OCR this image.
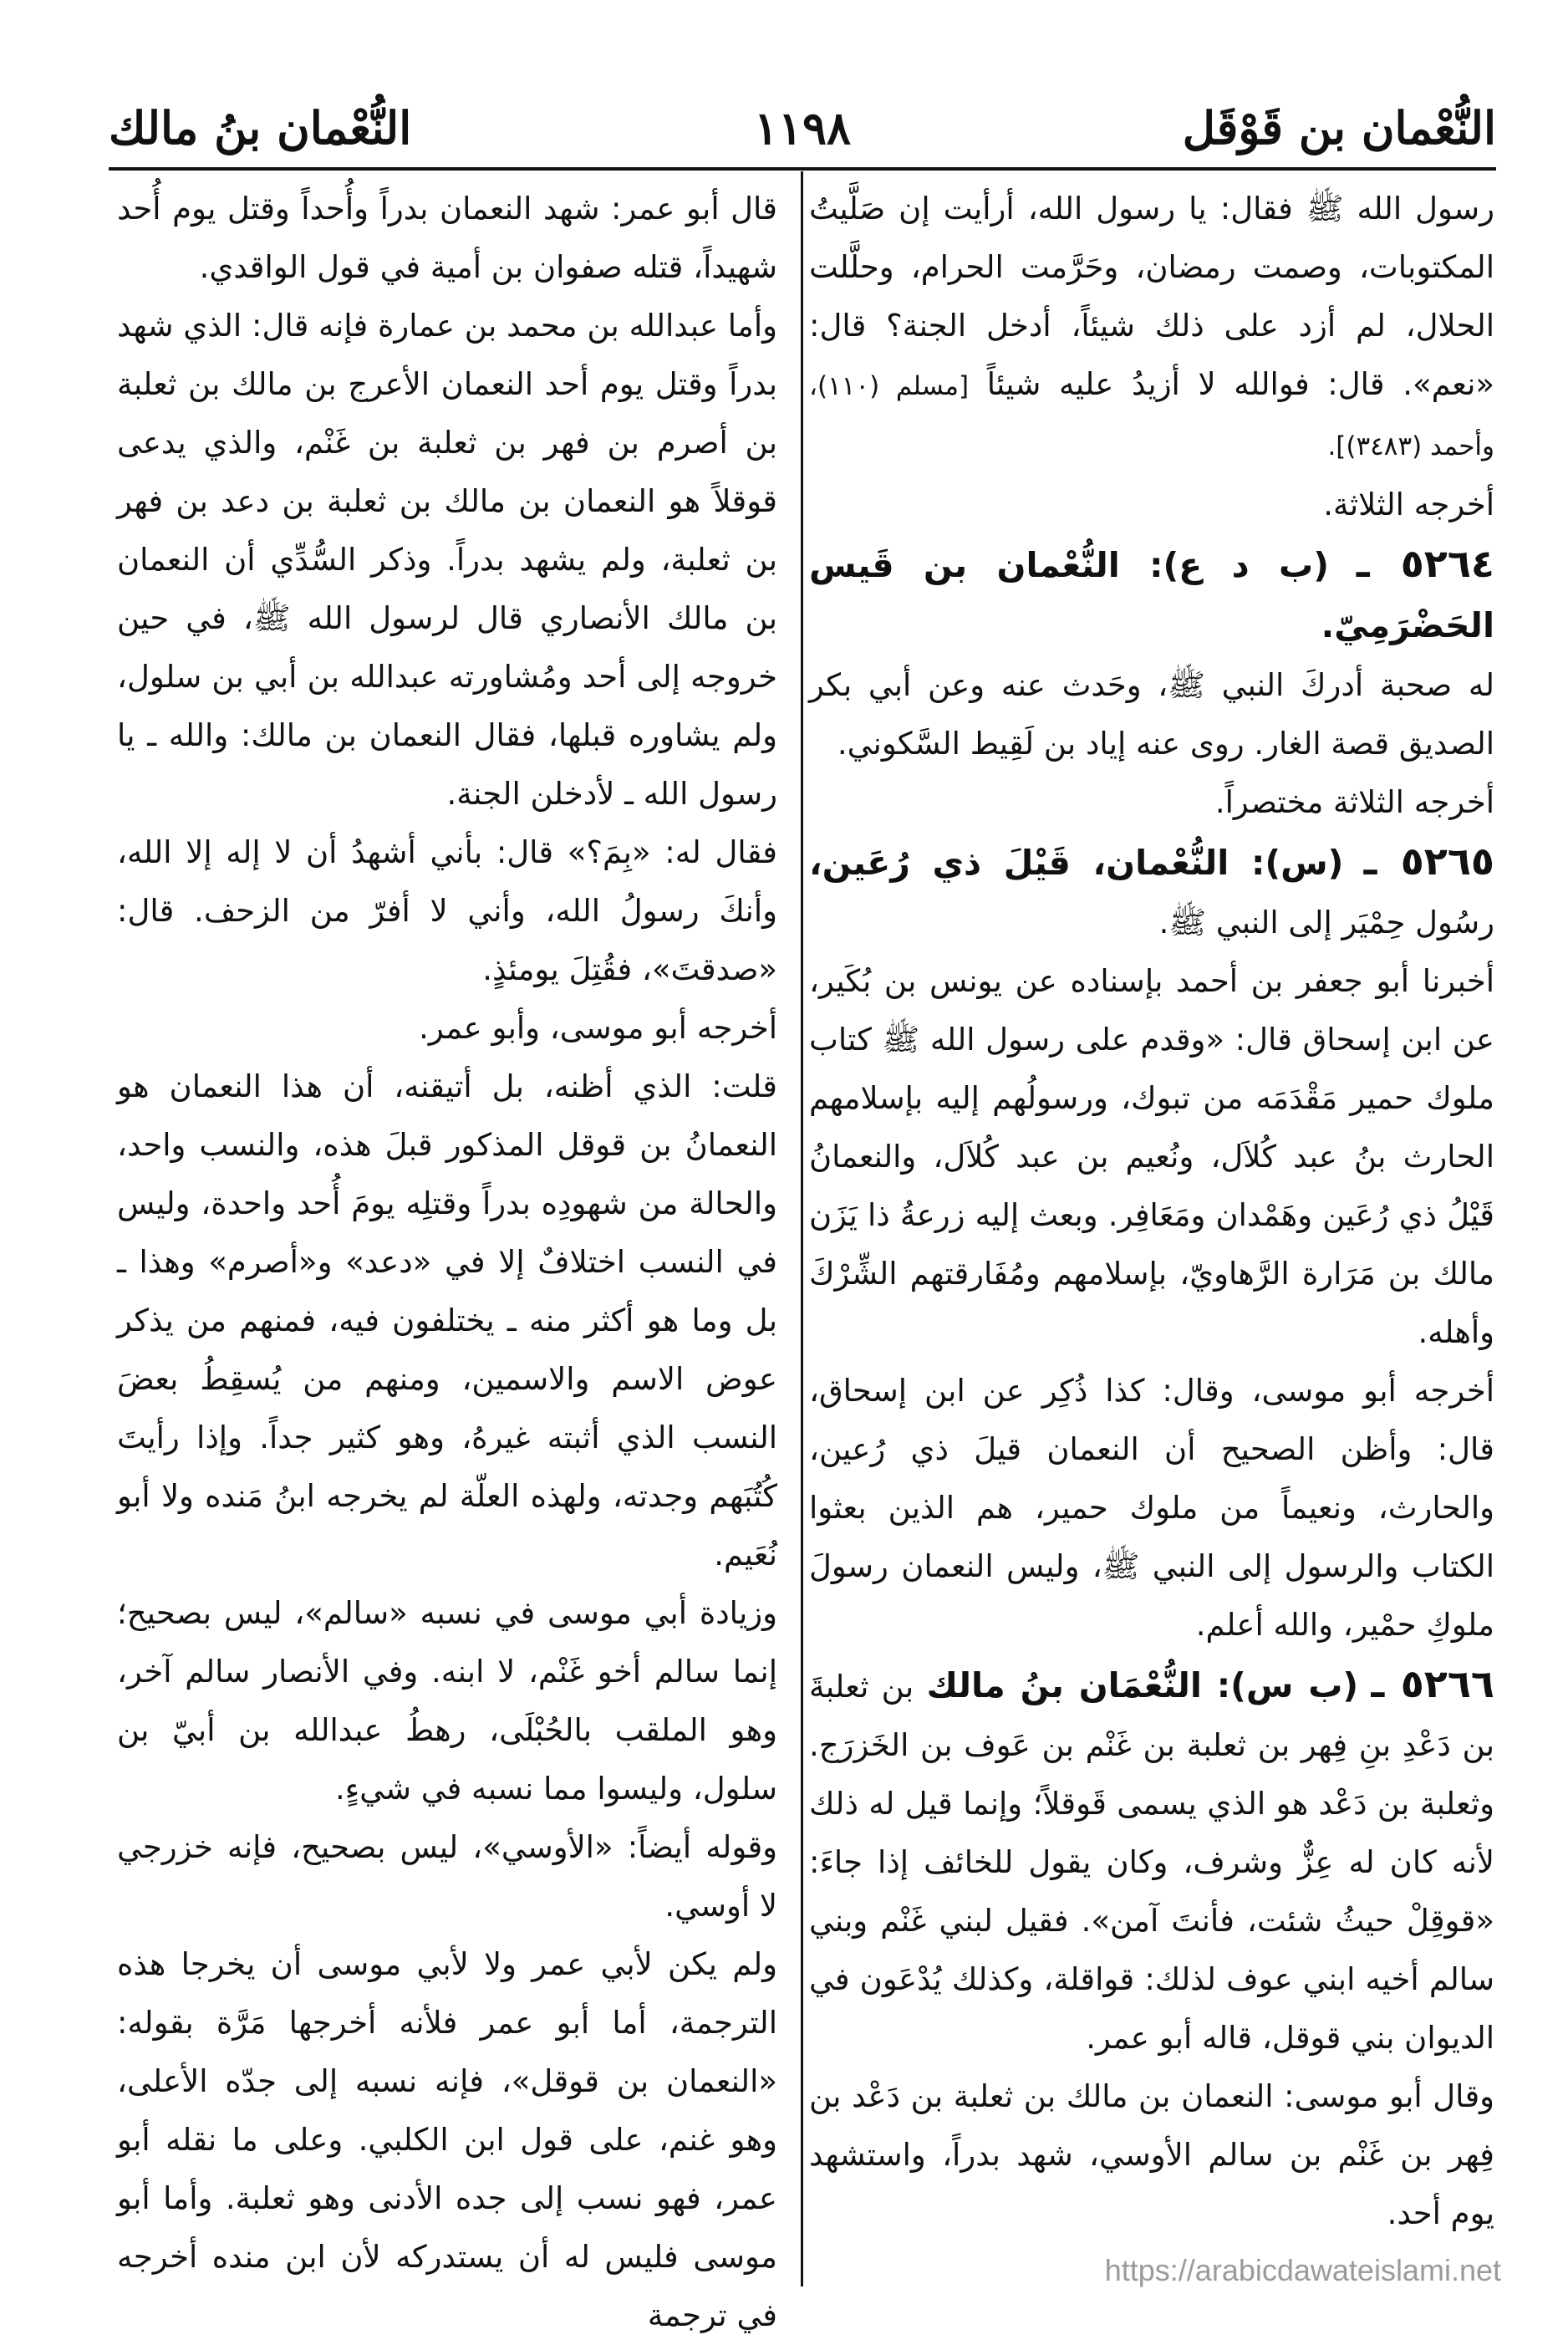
النُّعْمان بن قَوْقَل
١١٩٨
النُّعْمان بنُ مالك

رسول الله ﷺ فقال: يا رسول الله، أرأيت إن صَلَّيتُ المكتوبات، وصمت رمضان، وحَرَّمت الحرام، وحلَّلت الحلال، لم أزد على ذلك شيئاً، أدخل الجنة؟ قال: «نعم». قال: فوالله لا أزيدُ عليه شيئاً [مسلم (١١٠)، وأحمد (٣٤٨٣)].

أخرجه الثلاثة.

٥٢٦٤ ـ (ب د ع): النُّعْمان بن قَيس الحَضْرَمِيّ.

له صحبة أدركَ النبي ﷺ، وحَدث عنه وعن أبي بكر الصديق قصة الغار. روى عنه إياد بن لَقِيط السَّكوني.

أخرجه الثلاثة مختصراً.

٥٢٦٥ ـ (س): النُّعْمان، قَيْلَ ذي رُعَين، رسُول حِمْيَر إلى النبي ﷺ.

أخبرنا أبو جعفر بن أحمد بإسناده عن يونس بن بُكَير، عن ابن إسحاق قال: «وقدم على رسول الله ﷺ كتاب ملوك حمير مَقْدَمَه من تبوك، ورسولُهم إليه بإسلامهم الحارث بنُ عبد كُلاَل، ونُعيم بن عبد كُلاَل، والنعمانُ قَيْلُ ذي رُعَين وهَمْدان ومَعَافِر. وبعث إليه زرعةُ ذا يَزَن مالك بن مَرَارة الرَّهاويّ، بإسلامهم ومُفَارقتهم الشِّرْكَ وأهله.

أخرجه أبو موسى، وقال: كذا ذُكِر عن ابن إسحاق، قال: وأظن الصحيح أن النعمان قيلَ ذي رُعين، والحارث، ونعيماً من ملوك حمير، هم الذين بعثوا الكتاب والرسول إلى النبي ﷺ، وليس النعمان رسولَ ملوكِ حمْير، والله أعلم.

٥٢٦٦ ـ (ب س): النُّعْمَان بنُ مالك بن ثعلبةَ بن دَعْدِ بنِ فِهر بن ثعلبة بن غَنْم بن عَوف بن الخَزرَج. وثعلبة بن دَعْد هو الذي يسمى قَوقلاً؛ وإنما قيل له ذلك لأنه كان له عِزٌّ وشرف، وكان يقول للخائف إذا جاءَ: «قوقِلْ حيثُ شئت، فأنتَ آمن». فقيل لبني غَنْم وبني سالم أخيه ابني عوف لذلك: قواقلة، وكذلك يُدْعَون في الديوان بني قوقل، قاله أبو عمر.

وقال أبو موسى: النعمان بن مالك بن ثعلبة بن دَعْد بن فِهر بن غَنْم بن سالم الأوسي، شهد بدراً، واستشهد يوم أحد.

قال أبو عمر: شهد النعمان بدراً وأُحداً وقتل يوم أُحد شهيداً، قتله صفوان بن أمية في قول الواقدي.

وأما عبدالله بن محمد بن عمارة فإنه قال: الذي شهد بدراً وقتل يوم أحد النعمان الأعرج بن مالك بن ثعلبة بن أصرم بن فهر بن ثعلبة بن غَنْم، والذي يدعى قوقلاً هو النعمان بن مالك بن ثعلبة بن دعد بن فهر بن ثعلبة، ولم يشهد بدراً. وذكر السُّدِّي أن النعمان بن مالك الأنصاري قال لرسول الله ﷺ، في حين خروجه إلى أحد ومُشاورته عبدالله بن أبي بن سلول، ولم يشاوره قبلها، فقال النعمان بن مالك: والله ـ يا رسول الله ـ لأدخلن الجنة.

فقال له: «بِمَ؟» قال: بأني أشهدُ أن لا إله إلا الله، وأنكَ رسولُ الله، وأني لا أفرّ من الزحف. قال: «صدقتَ»، فقُتِلَ يومئذٍ.

أخرجه أبو موسى، وأبو عمر.

قلت: الذي أظنه، بل أتيقنه، أن هذا النعمان هو النعمانُ بن قوقل المذكور قبلَ هذه، والنسب واحد، والحالة من شهودِه بدراً وقتلِه يومَ أُحد واحدة، وليس في النسب اختلافٌ إلا في «دعد» و«أصرم» وهذا ـ بل وما هو أكثر منه ـ يختلفون فيه، فمنهم من يذكر عوض الاسم والاسمين، ومنهم من يُسقِطُ بعضَ النسب الذي أثبته غيرهُ، وهو كثير جداً. وإذا رأيتَ كُتُبَهم وجدته، ولهذه العلّة لم يخرجه ابنُ مَنده ولا أبو نُعَيم.

وزيادة أبي موسى في نسبه «سالم»، ليس بصحيح؛ إنما سالم أخو غَنْم، لا ابنه. وفي الأنصار سالم آخر، وهو الملقب بالحُبْلَى، رهطُ عبدالله بن أبيّ بن سلول، وليسوا مما نسبه في شيءٍ.

وقوله أيضاً: «الأوسي»، ليس بصحيح، فإنه خزرجي لا أوسي.

ولم يكن لأبي عمر ولا لأبي موسى أن يخرجا هذه الترجمة، أما أبو عمر فلأنه أخرجها مَرَّة بقوله: «النعمان بن قوقل»، فإنه نسبه إلى جدّه الأعلى، وهو غنم، على قول ابن الكلبي. وعلى ما نقله أبو عمر، فهو نسب إلى جده الأدنى وهو ثعلبة. وأما أبو موسى فليس له أن يستدركه لأن ابن منده أخرجه في ترجمة

https://arabicdawateislami.net
